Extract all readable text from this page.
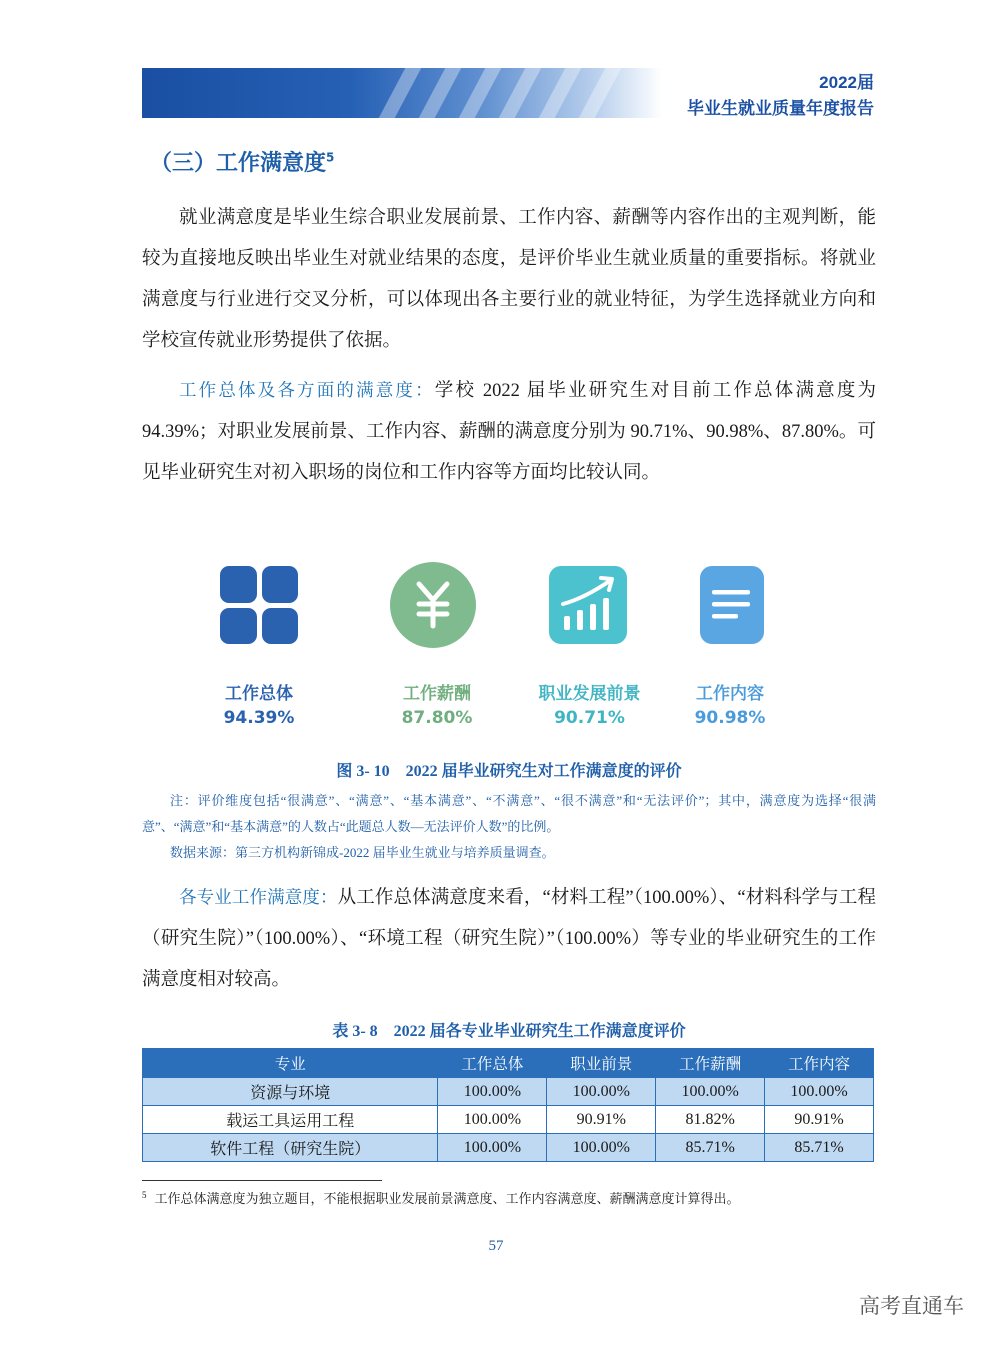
2022届
毕业生就业质量年度报告
（三）工作满意度$^5$
就业满意度是毕业生综合职业发展前景、工作内容、薪酬等内容作出的主观判断，能较为直接地反映出毕业生对就业结果的态度，是评价毕业生就业质量的重要指标。将就业满意度与行业进行交叉分析，可以体现出各主要行业的就业特征，为学生选择就业方向和学校宣传就业形势提供了依据。
工作总体及各方面的满意度：学校 2022 届毕业研究生对目前工作总体满意度为 94.39%；对职业发展前景、工作内容、薪酬的满意度分别为 90.71%、90.98%、87.80%。可见毕业研究生对初入职场的岗位和工作内容等方面均比较认同。
工作总体
94.39%
工作薪酬
87.80%
职业发展前景
90.71%
工作内容
90.98%
图 3- 10　2022 届毕业研究生对工作满意度的评价
注：评价维度包括“很满意”、“满意”、“基本满意”、“不满意”、“很不满意”和“无法评价”；其中，满意度为选择“很满意”、“满意”和“基本满意”的人数占“此题总人数—无法评价人数”的比例。
数据来源：第三方机构新锦成-2022 届毕业生就业与培养质量调查。
各专业工作满意度：从工作总体满意度来看，“材料工程”（100.00%）、“材料科学与工程（研究生院）”（100.00%）、“环境工程（研究生院）”（100.00%）等专业的毕业研究生的工作满意度相对较高。
表 3- 8　2022 届各专业毕业研究生工作满意度评价
专业	工作总体	职业前景	工作薪酬	工作内容
资源与环境	100.00%	100.00%	100.00%	100.00%
载运工具运用工程	100.00%	90.91%	81.82%	90.91%
软件工程（研究生院）	100.00%	100.00%	85.71%	85.71%
$^5$ 工作总体满意度为独立题目，不能根据职业发展前景满意度、工作内容满意度、薪酬满意度计算得出。
57
高考直通车
